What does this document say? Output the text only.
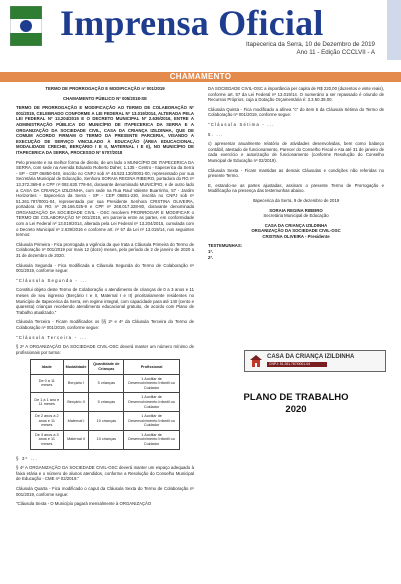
Imprensa Oficial
Itapecerica da Serra, 10 de Dezembro de 2019
Ano 11 - Edição CCCLVII - A
CHAMAMENTO
TERMO DE PRORROGAÇÃO E MODIFICAÇÃO nº 001/2019
CHAMAMENTO PÚBLICO Nº 005/2018-SE
TERMO DE PRORROGAÇÃO E MODIFICAÇÃO AO TERMO DE COLABORAÇÃO Nº 001/2019, CELEBRADO CONFORME A LEI FEDERAL Nº 13.019/2014, ALTERADA PELA LEI FEDERAL Nº 13.204/2015 E O DECRETO MUNICIPAL Nº 2.639/2016, ENTRE A ADMINISTRAÇÃO PÚBLICA DO MUNICÍPIO DE ITAPECERICA DA SERRA E A ORGANIZAÇÃO DA SOCIEDADE CIVIL, CASA DA CRIANÇA IZILDINHA, QUE DE COMUM ACORDO FIRMAM O TERMO DA PRESENTE PARCERIA, VISANDO A EXECUÇÃO DE SERVIÇO VINCULADO À EDUCAÇÃO (ÁREA EDUCACIONAL, MODALIDADE CRECHE, BERÇÁRIO I E II, MATERNAL I E II), NO MUNICÍPIO DE ITAPECERICA DA SERRA, PROCESSO Nº 5707/2018
Pelo presente e na melhor forma de direito, de um lado o MUNICÍPIO DE ITAPECERICA DA SERRA, com sede na Avenida Eduardo Roberto Daher, 1.135 - Centro - Itapecerica da Serra - SP - CEP 06850-040, inscrito no CNPJ sob nº 46.523.130/0001-00, representado por sua Secretária Municipal de Educação, Senhora SORAIA REGINA RIBEIRO, portadora do RG nº 13.372.369-8 e CPF nº 092.630.778-94, doravante denominado MUNICÍPIO, e de outro lado a CASA DA CRIANÇA IZILDINHA, com sede na Rua Raul Valente Buarrinho, 57 - Jardim Horizontes - Itapecerica da Serra - SP - CEP 06851-230, inscrita no CNPJ sob nº 51.261.787/0001-04, representada por sua Presidente Senhora CRISTINA OLIVEIRA, portadora do RG nº 29.166.025-9 e CPF nº 268.017.328-80, doravante denominada ORGANIZAÇÃO DA SOCIEDADE CIVIL - OSC resolvem PRORROGAR E MODIFICAR o TERMO DE COLABORAÇÃO Nº 001/2019, em parceria entre as partes, em conformidade com a Lei Federal nº 13.019/2014, alterada pela Lei Federal nº 13.204/2015, cumulada com o Decreto Municipal nº 2.639/2016 e conforme art. nº 57 da Lei nº 13.019/14, nos seguintes termos:
Cláusula Primeira - Fica prorrogada a vigência da que trata a Cláusula Primeira do Termo de Colaboração nº 001/2019 por mais 12 (doze) meses, pelo período de 2 de janeiro de 2020 a 31 de dezembro de 2020.
Cláusula Segunda - Fica modificada a Cláusula Segunda do Termo de Colaboração nº 001/2019, conforme segue:
"Cláusula Segunda - ...
Constitui objeto deste Termo de Colaboração o atendimento de crianças de 0 a 3 anos e 11 meses de seu ingresso (Berçário I e II, Maternal I e II) prioritariamente residentes no Município de Itapecerica da Serra, em regime integral, com capacidade para até 140 (cento e quarenta) crianças recebendo atendimento educacional gratuito, de acordo com Plano de Trabalho atualizado."
Cláusula Terceira - Ficam modificados os §§ 2º e 4º da Cláusula Terceira do Termo de Colaboração nº 001/2019, conforme segue:
"Cláusula Terceira - ...
§ 2º A ORGANIZAÇÃO DA SOCIEDADE CIVIL-OSC deverá manter um número mínimo de profissionais por turma:
Idade	Modalidade	Quantidade de Crianças	Profissional
De 0 a 11 meses	Berçário I	5 crianças	1 Auxiliar de Desenvolvimento Infantil ou Cuidador
De 1 a 1 ano e 11 meses	Berçário II	5 crianças	1 Auxiliar de Desenvolvimento Infantil ou Cuidador
De 2 anos a 2 anos e 11 meses	Maternal I	10 crianças	1 Auxiliar de Desenvolvimento Infantil ou Cuidador
De 3 anos a 3 anos e 11 meses	Maternal II	10 crianças	1 Auxiliar de Desenvolvimento Infantil ou Cuidador
§ 3º ...
§ 4º A ORGANIZAÇÃO DA SOCIEDADE CIVIL-OSC deverá manter um espaço adequado à faixa etária e o número de alunos atendidos, conforme a Resolução do Conselho Municipal de Educação - CME nº 02/2019."
Cláusula Quarta - Fica modificado o caput da Cláusula Sexta do Termo de Colaboração nº 001/2019, conforme segue:
"Cláusula Sexta - O Município pagará mensalmente à ORGANIZAÇÃO
DA SOCIEDADE CIVIL-OSC a importância per capita de R$ 220,00 (duzentos e vinte reais), conforme art. 57 da Lei Federal nº 13.019/14. O numerário a ser repassado é oriundo de Recursos Próprios, cuja a Dotação Orçamentária é: 3.3.50.39.00.
Cláusula Quinta - Fica modificado a alínea "c" do item 5 da Cláusula Sétima do Termo de Colaboração nº 001/2019, conforme segue:
"Cláusula Sétima - ...
5. ...
c) apresentar anualmente relatório de atividades desenvolvidas, bem como balanço contábil, atestado de funcionamento, Parecer do Conselho Fiscal e Ata até 31 de janeiro de cada exercício e autorização de funcionamento (conforme Resolução do Conselho Municipal de Educação nº 02/2019).
Cláusula Sexta - Ficam mantidas as demais Cláusulas e condições não referidas no presente Termo.
E, estando-se as partes ajustadas, assinam o presente Termo de Prorrogação e Modificação na presença das testemunhas abaixo.
Itapecerica da Serra, 9 de dezembro de 2019
SORAIA REGINA RIBEIRO
Secretária Municipal de Educação
CASA DA CRIANÇA IZILDINHA
ORGANIZAÇÃO DA SOCIEDADE CIVIL-OSC
CRISTINA OLIVEIRA - Presidente
TESTEMUNHAS:
1ª.
2ª.
CASA DA CRIANÇA IZILDINHA
CNPJ: 51.261.787/0001-04
PLANO DE TRABALHO
2020
